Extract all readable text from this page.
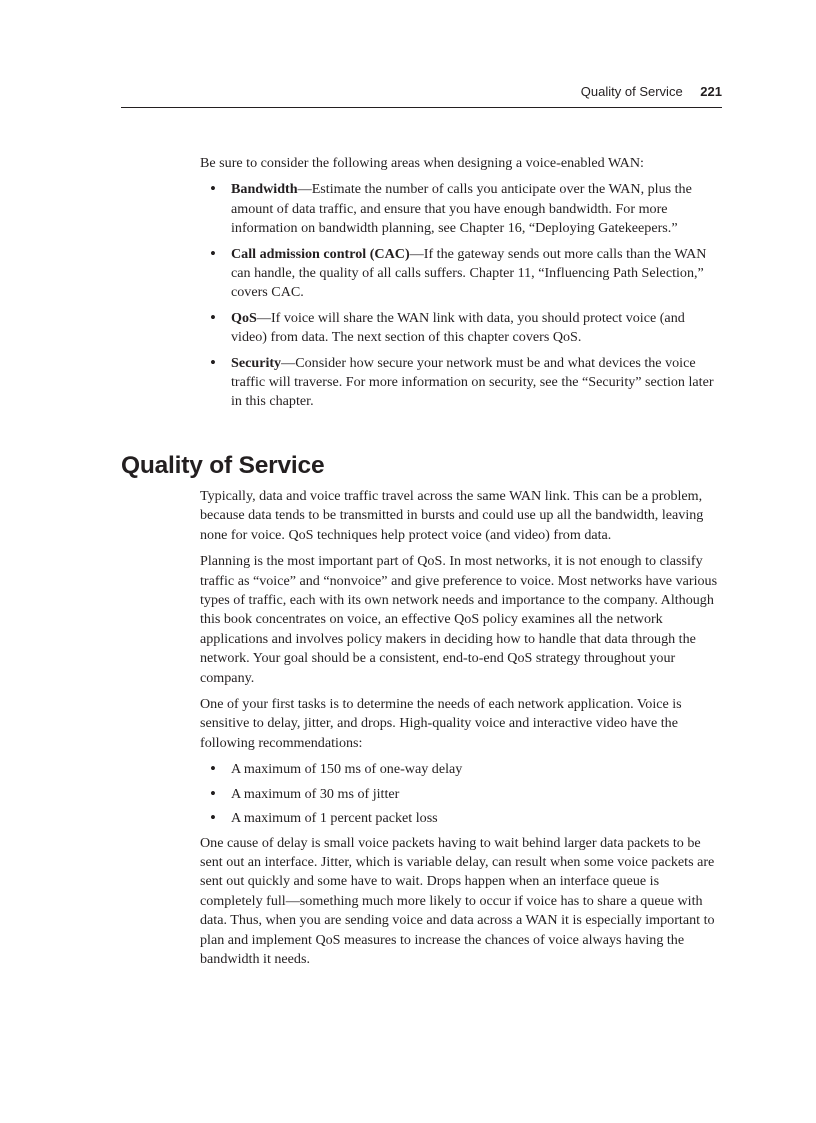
Quality of Service 221

Be sure to consider the following areas when designing a voice-enabled WAN:

• Bandwidth—Estimate the number of calls you anticipate over the WAN, plus the amount of data traffic, and ensure that you have enough bandwidth. For more information on bandwidth planning, see Chapter 16, “Deploying Gatekeepers.”
• Call admission control (CAC)—If the gateway sends out more calls than the WAN can handle, the quality of all calls suffers. Chapter 11, “Influencing Path Selection,” covers CAC.
• QoS—If voice will share the WAN link with data, you should protect voice (and video) from data. The next section of this chapter covers QoS.
• Security—Consider how secure your network must be and what devices the voice traffic will traverse. For more information on security, see the “Security” section later in this chapter.
Quality of Service

Typically, data and voice traffic travel across the same WAN link. This can be a problem, because data tends to be transmitted in bursts and could use up all the bandwidth, leaving none for voice. QoS techniques help protect voice (and video) from data.

Planning is the most important part of QoS. In most networks, it is not enough to classify traffic as “voice” and “nonvoice” and give preference to voice. Most networks have various types of traffic, each with its own network needs and importance to the company. Although this book concentrates on voice, an effective QoS policy examines all the network applications and involves policy makers in deciding how to handle that data through the network. Your goal should be a consistent, end-to-end QoS strategy throughout your company.

One of your first tasks is to determine the needs of each network application. Voice is sensitive to delay, jitter, and drops. High-quality voice and interactive video have the following recommendations:

• A maximum of 150 ms of one-way delay
• A maximum of 30 ms of jitter
• A maximum of 1 percent packet loss

One cause of delay is small voice packets having to wait behind larger data packets to be sent out an interface. Jitter, which is variable delay, can result when some voice packets are sent out quickly and some have to wait. Drops happen when an interface queue is completely full—something much more likely to occur if voice has to share a queue with data. Thus, when you are sending voice and data across a WAN it is especially important to plan and implement QoS measures to increase the chances of voice always having the bandwidth it needs.
